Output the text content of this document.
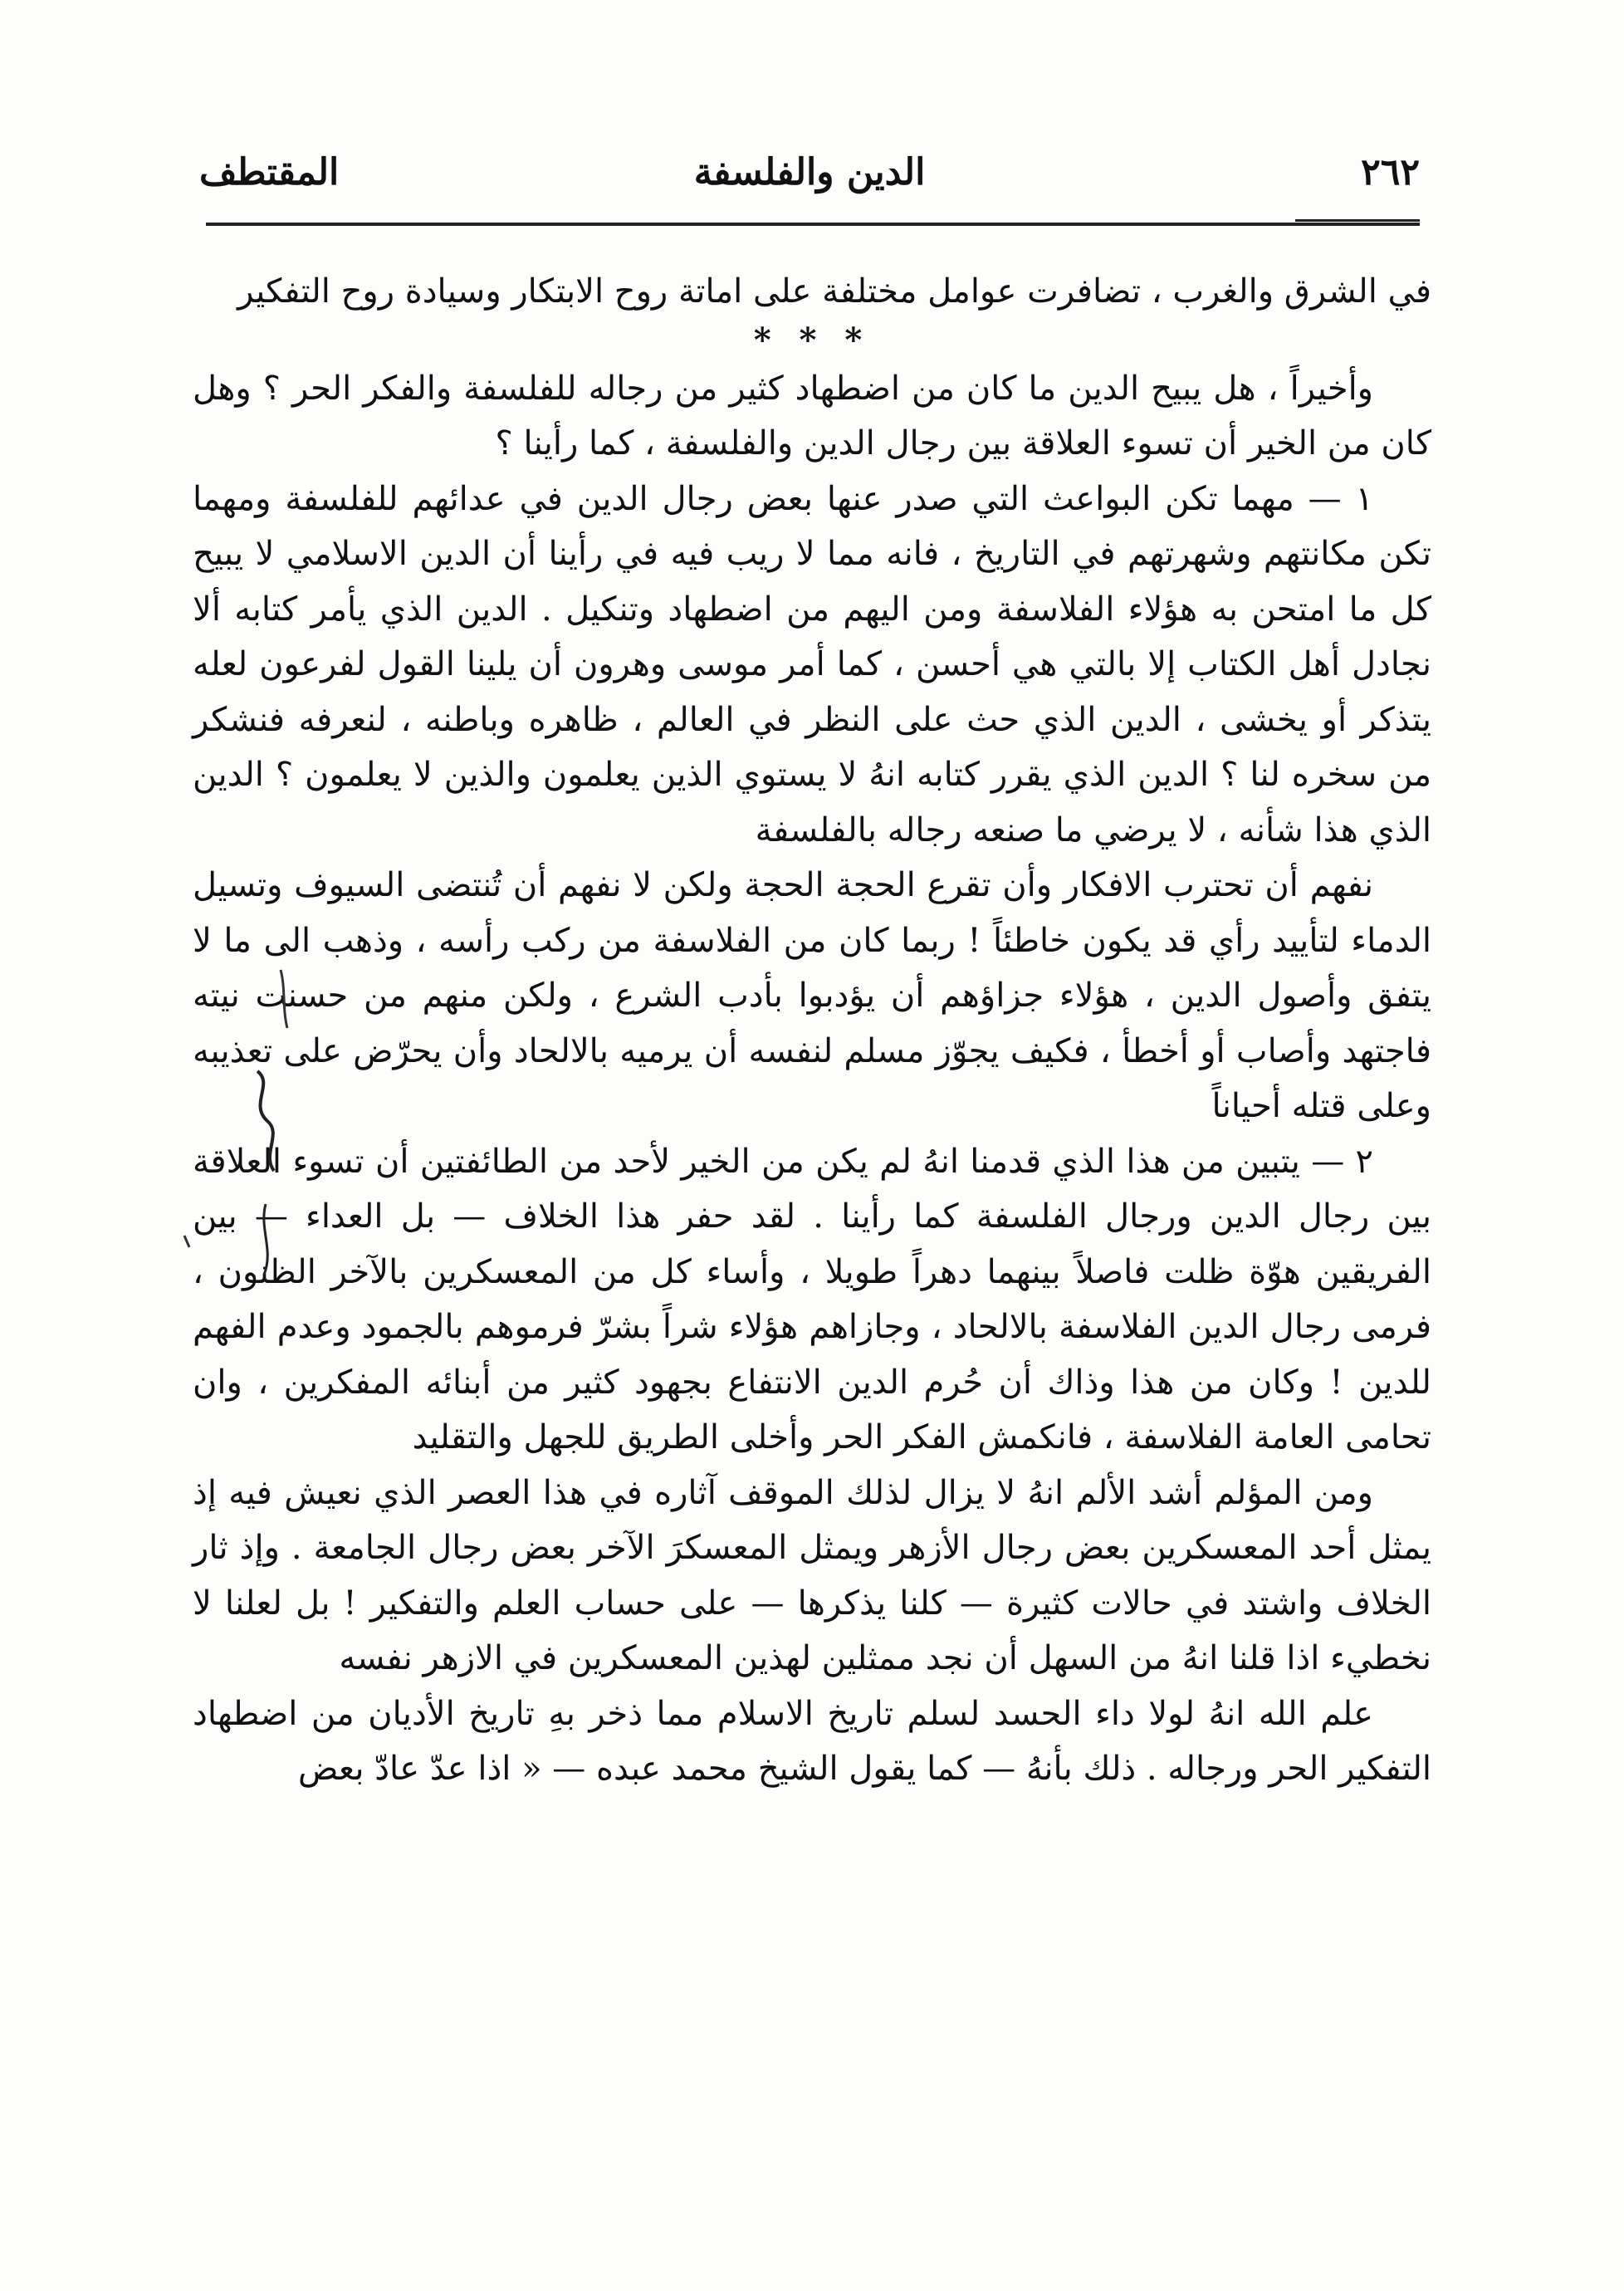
٢٦٢
الدين والفلسفة
المقتطف

في الشرق والغرب ، تضافرت عوامل مختلفة على اماتة روح الابتكار وسيادة روح التفكير

* * *

وأخيراً ، هل يبيح الدين ما كان من اضطهاد كثير من رجاله للفلسفة والفكر الحر ؟ وهل كان من الخير أن تسوء العلاقة بين رجال الدين والفلسفة ، كما رأينا ؟

١ — مهما تكن البواعث التي صدر عنها بعض رجال الدين في عدائهم للفلسفة ومهما تكن مكانتهم وشهرتهم في التاريخ ، فانه مما لا ريب فيه في رأينا أن الدين الاسلامي لا يبيح كل ما امتحن به هؤلاء الفلاسفة ومن اليهم من اضطهاد وتنكيل . الدين الذي يأمر كتابه ألا نجادل أهل الكتاب إلا بالتي هي أحسن ، كما أمر موسى وهرون أن يلينا القول لفرعون لعله يتذكر أو يخشى ، الدين الذي حث على النظر في العالم ، ظاهره وباطنه ، لنعرفه فنشكر من سخره لنا ؟ الدين الذي يقرر كتابه انهُ لا يستوي الذين يعلمون والذين لا يعلمون ؟ الدين الذي هذا شأنه ، لا يرضي ما صنعه رجاله بالفلسفة

نفهم أن تحترب الافكار وأن تقرع الحجة الحجة ولكن لا نفهم أن تُنتضى السيوف وتسيل الدماء لتأييد رأي قد يكون خاطئاً ! ربما كان من الفلاسفة من ركب رأسه ، وذهب الى ما لا يتفق وأصول الدين ، هؤلاء جزاؤهم أن يؤدبوا بأدب الشرع ، ولكن منهم من حسنت نيته فاجتهد وأصاب أو أخطأ ، فكيف يجوّز مسلم لنفسه أن يرميه بالالحاد وأن يحرّض على تعذيبه وعلى قتله أحياناً

٢ — يتبين من هذا الذي قدمنا انهُ لم يكن من الخير لأحد من الطائفتين أن تسوء العلاقة بين رجال الدين ورجال الفلسفة كما رأينا . لقد حفر هذا الخلاف — بل العداء — بين الفريقين هوّة ظلت فاصلاً بينهما دهراً طويلا ، وأساء كل من المعسكرين بالآخر الظنون ، فرمى رجال الدين الفلاسفة بالالحاد ، وجازاهم هؤلاء شراً بشرّ فرموهم بالجمود وعدم الفهم للدين ! وكان من هذا وذاك أن حُرم الدين الانتفاع بجهود كثير من أبنائه المفكرين ، وان تحامى العامة الفلاسفة ، فانكمش الفكر الحر وأخلى الطريق للجهل والتقليد

ومن المؤلم أشد الألم انهُ لا يزال لذلك الموقف آثاره في هذا العصر الذي نعيش فيه إذ يمثل أحد المعسكرين بعض رجال الأزهر ويمثل المعسكرَ الآخر بعض رجال الجامعة . وإذ ثار الخلاف واشتد في حالات كثيرة — كلنا يذكرها — على حساب العلم والتفكير ! بل لعلنا لا نخطيء اذا قلنا انهُ من السهل أن نجد ممثلين لهذين المعسكرين في الازهر نفسه

علم الله انهُ لولا داء الحسد لسلم تاريخ الاسلام مما ذخر بهِ تاريخ الأديان من اضطهاد التفكير الحر ورجاله . ذلك بأنهُ — كما يقول الشيخ محمد عبده — « اذا عدّ عادّ بعض
